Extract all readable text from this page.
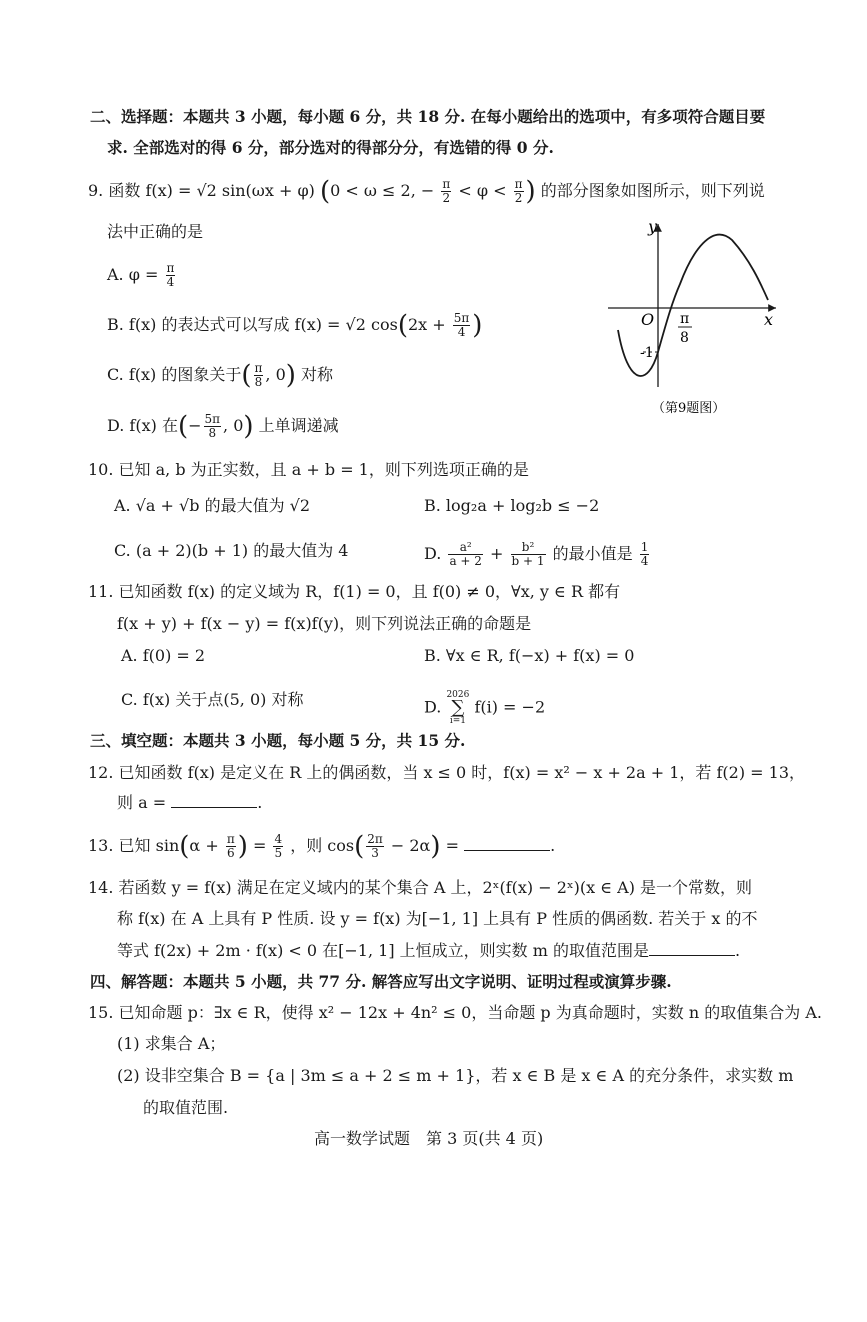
二、选择题：本题共 3 小题，每小题 6 分，共 18 分. 在每小题给出的选项中，有多项符合题目要
求. 全部选对的得 6 分，部分选对的得部分分，有选错的得 0 分.
9. 函数 f(x) = √2 sin(ωx + φ) (0 < ω ≤ 2, − $\frac{\pi}{2} < \varphi < \frac{\pi}{2}$ ) 的部分图象如图所示，则下列说
法中正确的是
A. $\varphi = \frac{\pi}{4}$
B. f(x) 的表达式可以写成 f(x) = √2 $\cos(2x + \frac{5\pi}{4}$ )
C. f(x) 的图象关于( $\frac{\pi}{8}$ , 0) 对称
D. f(x) 在(− $\frac{5\pi}{8}$ , 0) 上单调递减
y
O	x
π
8
-1
（第9题图）
10. 已知 a, b 为正实数，且 a + b = 1，则下列选项正确的是
A. √a + √b 的最大值为 √2	B. log₂a + log₂b ≤ −2
C. (a + 2)(b + 1) 的最大值为 4	D. $\frac{\text{a²}}{a + 2} + \frac{\text{b²}}{b + 1}$ 的最小值是 $\frac{1}{4}$
11. 已知函数 f(x) 的定义域为 R，f(1) = 0，且 f(0) ≠ 0，∀x, y ∈ R 都有
f(x + y) + f(x − y) = f(x)f(y)，则下列说法正确的命题是
A. f(0) = 2	B. ∀x ∈ R, f(−x) + f(x) = 0
C. f(x) 关于点(5, 0) 对称	D. 2026
∑
i=1 f(i) = −2
三、填空题：本题共 3 小题，每小题 5 分，共 15 分.
12. 已知函数 f(x) 是定义在 R 上的偶函数，当 x ≤ 0 时，f(x) = x² − x + 2a + 1，若 f(2) = 13，
则 a =	.
13. 已知 $\sin(\alpha + \frac{\pi}{6}$ ) = $\frac{4}{5}$ ，则 $\cos( \frac{2\pi}{3} - 2\alpha)$ =	.
14. 若函数 y = f(x) 满足在定义域内的某个集合 A 上，2ˣ(f(x) − 2ˣ)(x ∈ A) 是一个常数，则
称 f(x) 在 A 上具有 P 性质. 设 y = f(x) 为[−1, 1] 上具有 P 性质的偶函数. 若关于 x 的不
等式 f(2x) + 2m · f(x) < 0 在[−1, 1] 上恒成立，则实数 m 的取值范围是	.
四、解答题：本题共 5 小题，共 77 分. 解答应写出文字说明、证明过程或演算步骤.
15. 已知命题 p：∃x ∈ R，使得 x² − 12x + 4n² ≤ 0，当命题 p 为真命题时，实数 n 的取值集合为 A.
(1) 求集合 A；
(2) 设非空集合 B = {a | 3m ≤ a + 2 ≤ m + 1}，若 x ∈ B 是 x ∈ A 的充分条件，求实数 m
的取值范围.
高一数学试题　第 3 页(共 4 页)
